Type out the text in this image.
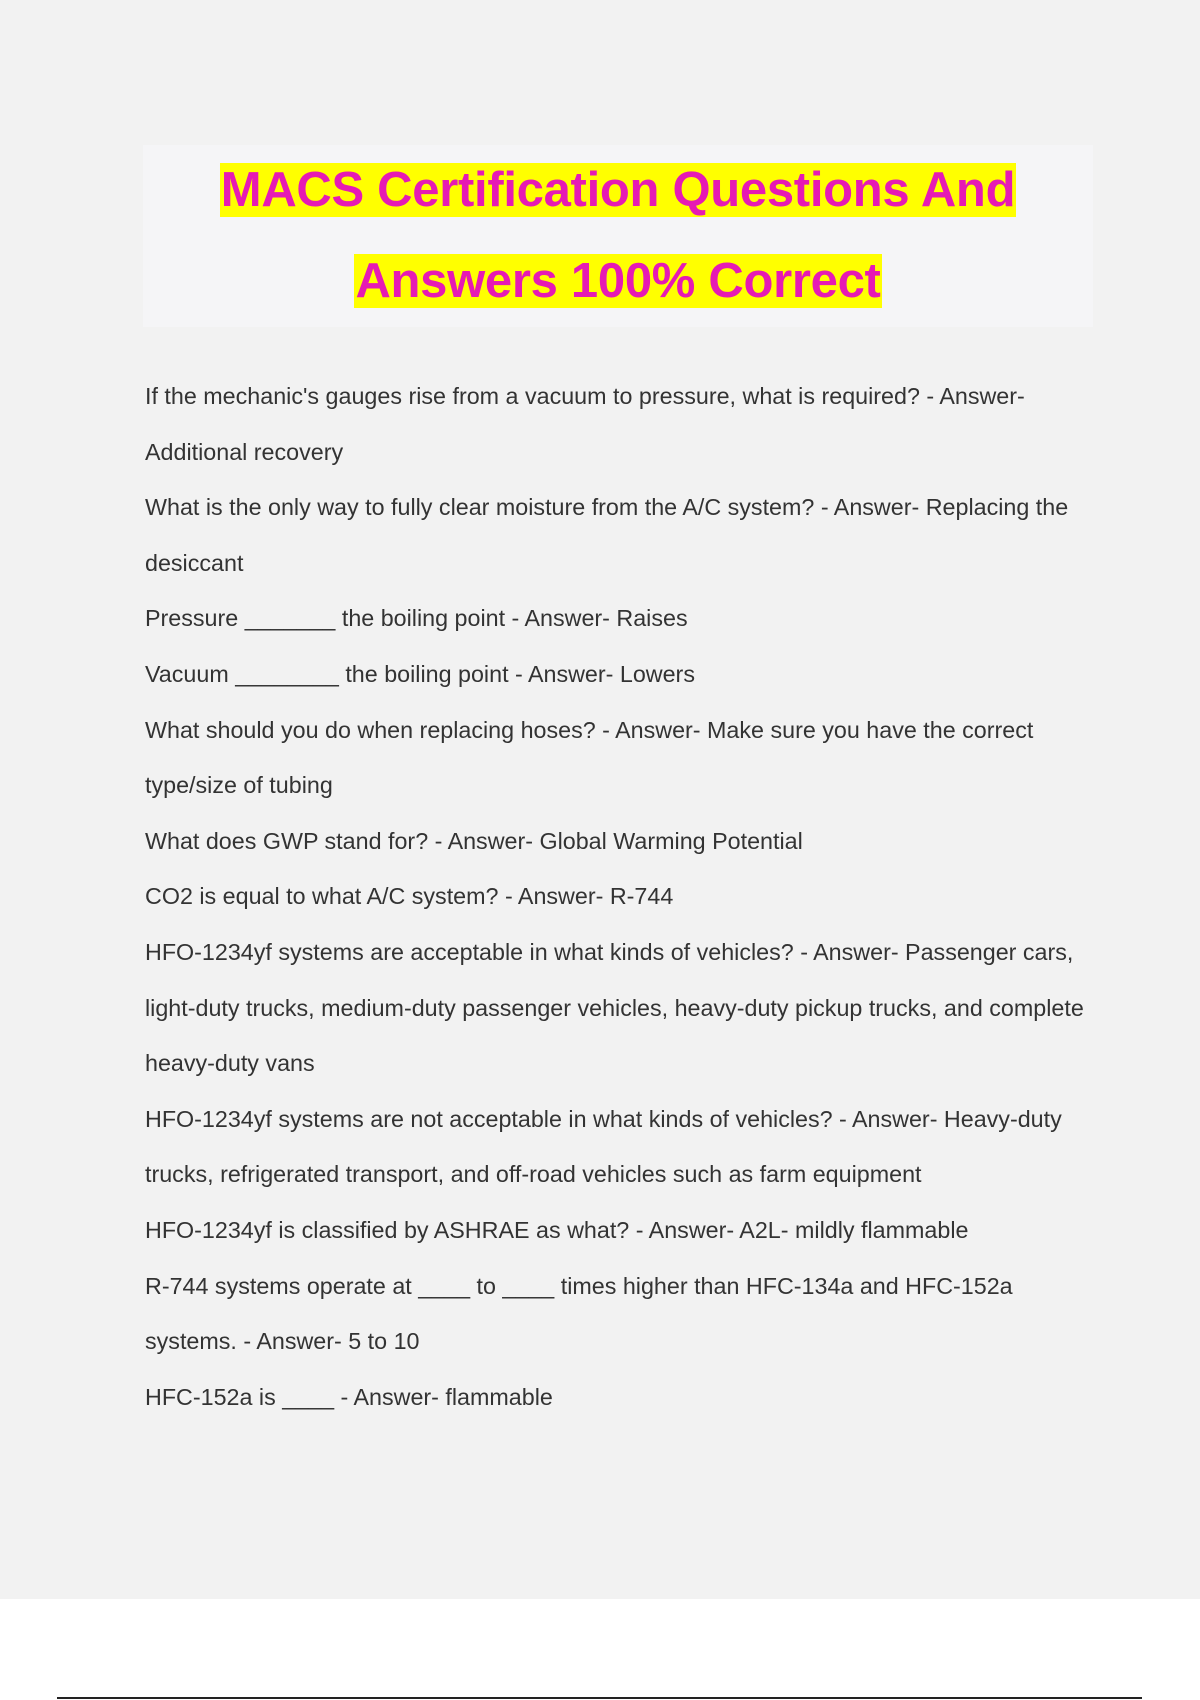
MACS Certification Questions And
Answers 100% Correct

If the mechanic's gauges rise from a vacuum to pressure, what is required? - Answer- Additional recovery

What is the only way to fully clear moisture from the A/C system? - Answer- Replacing the desiccant

Pressure _______ the boiling point - Answer- Raises

Vacuum ________ the boiling point - Answer- Lowers

What should you do when replacing hoses? - Answer- Make sure you have the correct type/size of tubing

What does GWP stand for? - Answer- Global Warming Potential

CO2 is equal to what A/C system? - Answer- R-744

HFO-1234yf systems are acceptable in what kinds of vehicles? - Answer- Passenger cars, light-duty trucks, medium-duty passenger vehicles, heavy-duty pickup trucks, and complete heavy-duty vans

HFO-1234yf systems are not acceptable in what kinds of vehicles? - Answer- Heavy-duty trucks, refrigerated transport, and off-road vehicles such as farm equipment

HFO-1234yf is classified by ASHRAE as what? - Answer- A2L- mildly flammable

R-744 systems operate at ____ to ____ times higher than HFC-134a and HFC-152a systems. - Answer- 5 to 10

HFC-152a is ____ - Answer- flammable
